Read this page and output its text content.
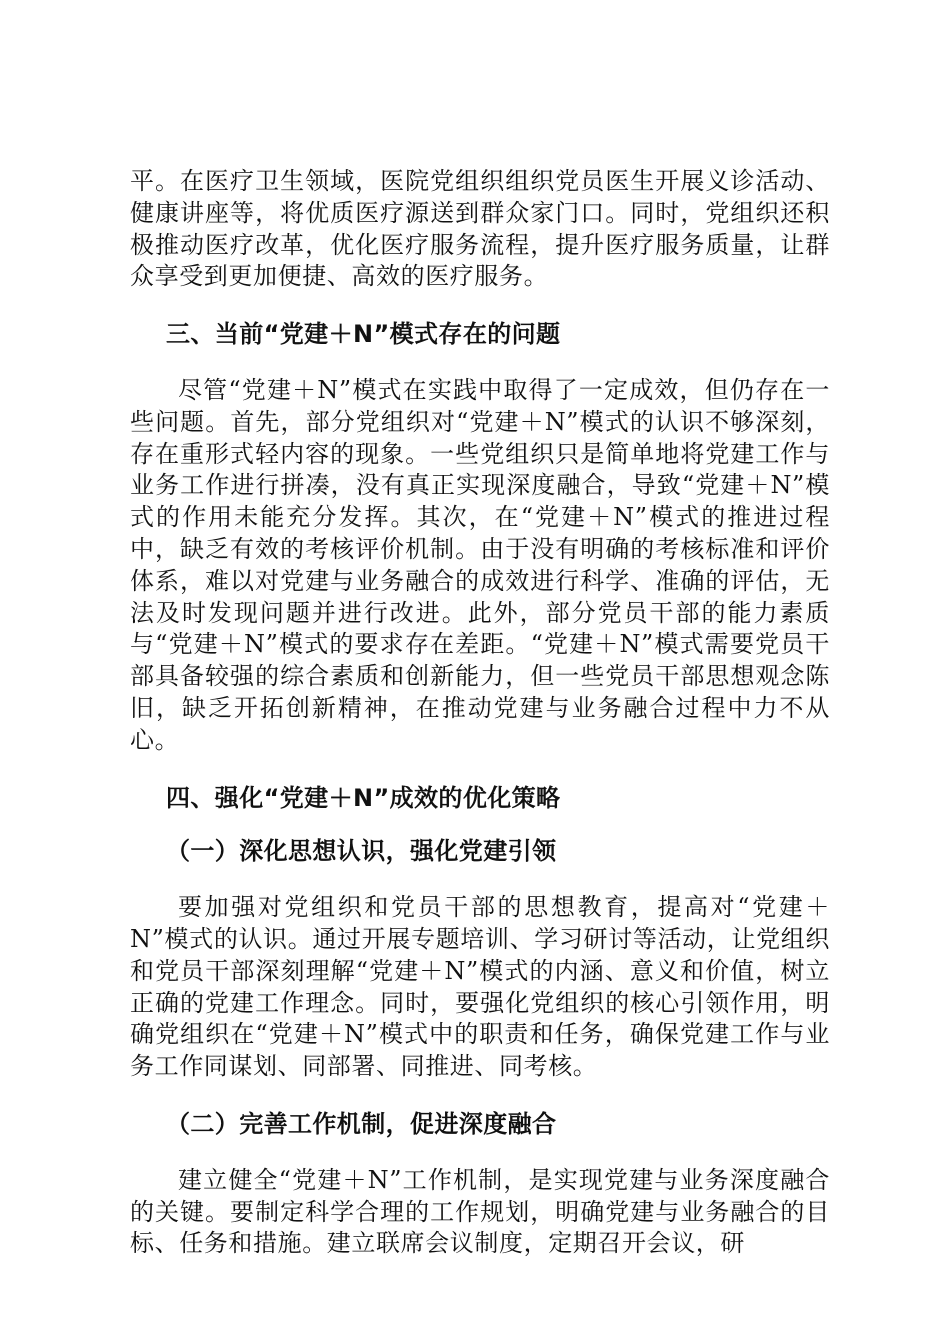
平。在医疗卫生领域，医院党组织组织党员医生开展义诊活动、健康讲座等，将优质医疗源送到群众家门口。同时，党组织还积极推动医疗改革，优化医疗服务流程，提升医疗服务质量，让群众享受到更加便捷、高效的医疗服务。

三、当前“党建＋N”模式存在的问题

尽管“党建＋N”模式在实践中取得了一定成效，但仍存在一些问题。首先，部分党组织对“党建＋N”模式的认识不够深刻，存在重形式轻内容的现象。一些党组织只是简单地将党建工作与业务工作进行拼凑，没有真正实现深度融合，导致“党建＋N”模式的作用未能充分发挥。其次，在“党建＋N”模式的推进过程中，缺乏有效的考核评价机制。由于没有明确的考核标准和评价体系，难以对党建与业务融合的成效进行科学、准确的评估，无法及时发现问题并进行改进。此外，部分党员干部的能力素质与“党建＋N”模式的要求存在差距。“党建＋N”模式需要党员干部具备较强的综合素质和创新能力，但一些党员干部思想观念陈旧，缺乏开拓创新精神，在推动党建与业务融合过程中力不从心。

四、强化“党建＋N”成效的优化策略
（一）深化思想认识，强化党建引领

要加强对党组织和党员干部的思想教育，提高对“党建＋N”模式的认识。通过开展专题培训、学习研讨等活动，让党组织和党员干部深刻理解“党建＋N”模式的内涵、意义和价值，树立正确的党建工作理念。同时，要强化党组织的核心引领作用，明确党组织在“党建＋N”模式中的职责和任务，确保党建工作与业务工作同谋划、同部署、同推进、同考核。

（二）完善工作机制，促进深度融合

建立健全“党建＋N”工作机制，是实现党建与业务深度融合的关键。要制定科学合理的工作规划，明确党建与业务融合的目标、任务和措施。建立联席会议制度，定期召开会议，研
